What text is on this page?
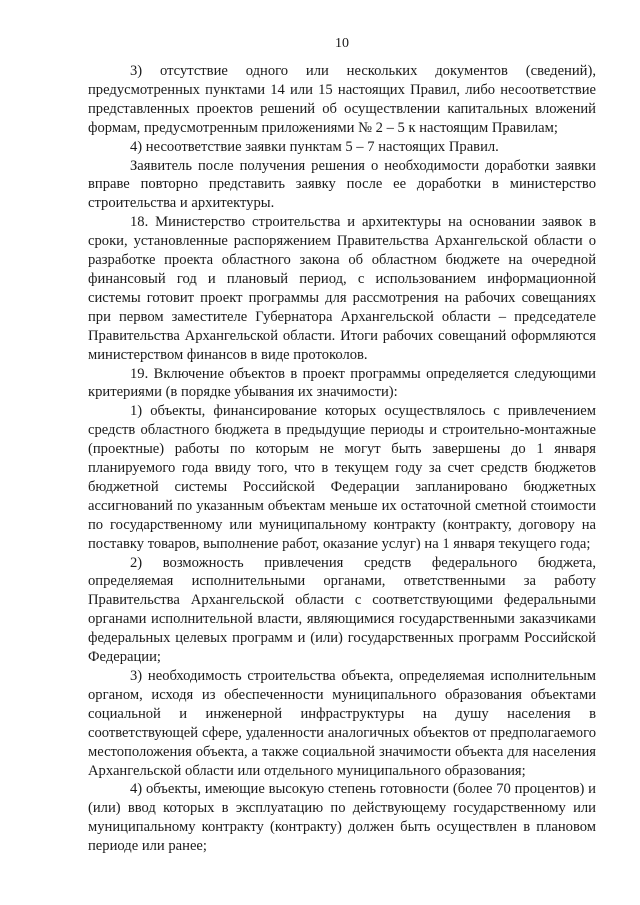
10

3) отсутствие одного или нескольких документов (сведений), предусмотренных пунктами 14 или 15 настоящих Правил, либо несоответствие представленных проектов решений об осуществлении капитальных вложений формам, предусмотренным приложениями № 2 – 5 к настоящим Правилам;

4) несоответствие заявки пунктам 5 – 7 настоящих Правил.

Заявитель после получения решения о необходимости доработки заявки вправе повторно представить заявку после ее доработки в министерство строительства и архитектуры.

18. Министерство строительства и архитектуры на основании заявок в сроки, установленные распоряжением Правительства Архангельской области о разработке проекта областного закона об областном бюджете на очередной финансовый год и плановый период, с использованием информационной системы готовит проект программы для рассмотрения на рабочих совещаниях при первом заместителе Губернатора Архангельской области – председателе Правительства Архангельской области. Итоги рабочих совещаний оформляются министерством финансов в виде протоколов.

19. Включение объектов в проект программы определяется следующими критериями (в порядке убывания их значимости):

1) объекты, финансирование которых осуществлялось с привлечением средств областного бюджета в предыдущие периоды и строительно-монтажные (проектные) работы по которым не могут быть завершены до 1 января планируемого года ввиду того, что в текущем году за счет средств бюджетов бюджетной системы Российской Федерации запланировано бюджетных ассигнований по указанным объектам меньше их остаточной сметной стоимости по государственному или муниципальному контракту (контракту, договору на поставку товаров, выполнение работ, оказание услуг) на 1 января текущего года;

2) возможность привлечения средств федерального бюджета, определяемая исполнительными органами, ответственными за работу Правительства Архангельской области с соответствующими федеральными органами исполнительной власти, являющимися государственными заказчиками федеральных целевых программ и (или) государственных программ Российской Федерации;

3) необходимость строительства объекта, определяемая исполнительным органом, исходя из обеспеченности муниципального образования объектами социальной и инженерной инфраструктуры на душу населения в соответствующей сфере, удаленности аналогичных объектов от предполагаемого местоположения объекта, а также социальной значимости объекта для населения Архангельской области или отдельного муниципального образования;

4) объекты, имеющие высокую степень готовности (более 70 процентов) и (или) ввод которых в эксплуатацию по действующему государственному или муниципальному контракту (контракту) должен быть осуществлен в плановом периоде или ранее;
